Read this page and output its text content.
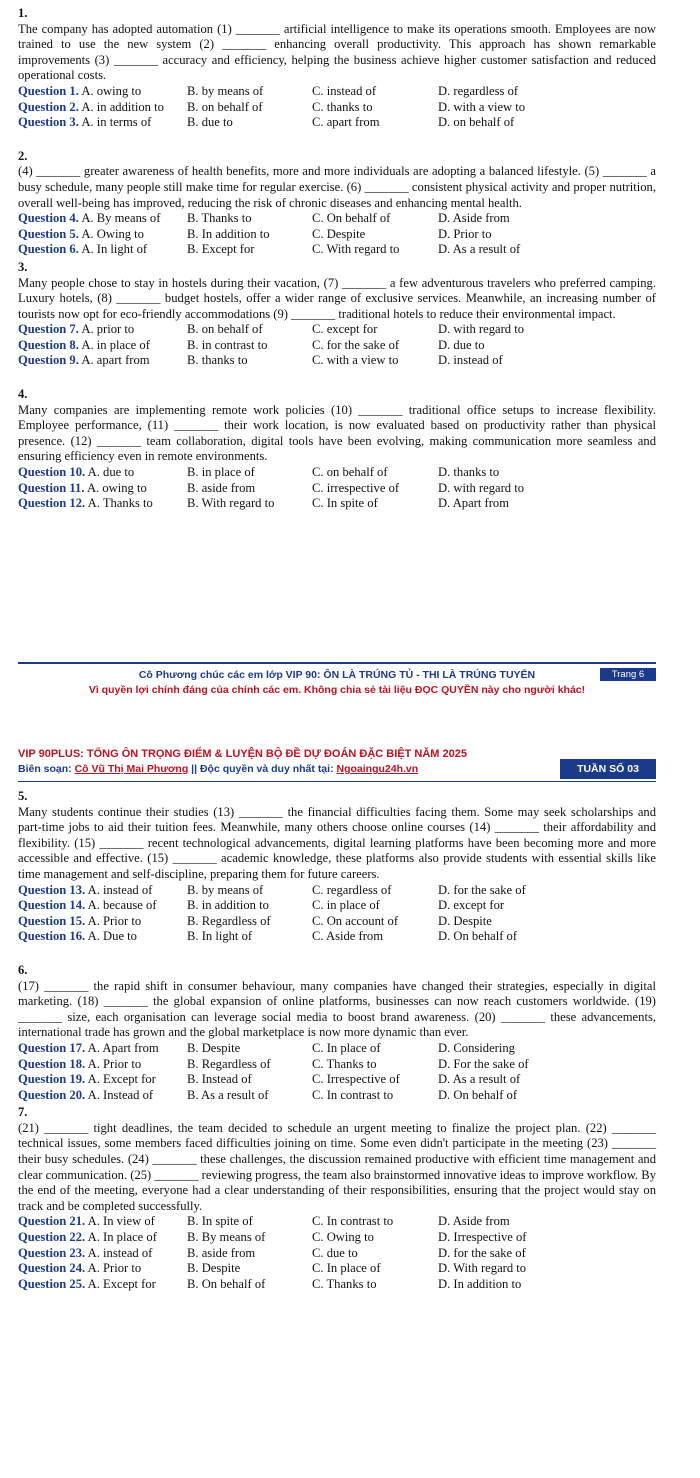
1.
The company has adopted automation (1) _______ artificial intelligence to make its operations smooth. Employees are now trained to use the new system (2) _______ enhancing overall productivity. This approach has shown remarkable improvements (3) _______ accuracy and efficiency, helping the business achieve higher customer satisfaction and reduced operational costs.
Question 1. A. owing to	B. by means of	C. instead of	D. regardless of
Question 2. A. in addition to	B. on behalf of	C. thanks to	D. with a view to
Question 3. A. in terms of	B. due to	C. apart from	D. on behalf of
2.
(4) _______ greater awareness of health benefits, more and more individuals are adopting a balanced lifestyle. (5) _______ a busy schedule, many people still make time for regular exercise. (6) _______ consistent physical activity and proper nutrition, overall well-being has improved, reducing the risk of chronic diseases and enhancing mental health.
Question 4. A. By means of	B. Thanks to	C. On behalf of	D. Aside from
Question 5. A. Owing to	B. In addition to	C. Despite	D. Prior to
Question 6. A. In light of	B. Except for	C. With regard to	D. As a result of
3.
Many people chose to stay in hostels during their vacation, (7) _______ a few adventurous travelers who preferred camping. Luxury hotels, (8) _______ budget hostels, offer a wider range of exclusive services. Meanwhile, an increasing number of tourists now opt for eco-friendly accommodations (9) _______ traditional hotels to reduce their environmental impact.
Question 7. A. prior to	B. on behalf of	C. except for	D. with regard to
Question 8. A. in place of	B. in contrast to	C. for the sake of	D. due to
Question 9. A. apart from	B. thanks to	C. with a view to	D. instead of
4.
Many companies are implementing remote work policies (10) _______ traditional office setups to increase flexibility. Employee performance, (11) _______ their work location, is now evaluated based on productivity rather than physical presence. (12) _______ team collaboration, digital tools have been evolving, making communication more seamless and ensuring efficiency even in remote environments.
Question 10. A. due to	B. in place of	C. on behalf of	D. thanks to
Question 11. A. owing to	B. aside from	C. irrespective of	D. with regard to
Question 12. A. Thanks to	B. With regard to	C. In spite of	D. Apart from
Cô Phương chúc các em lớp VIP 90: ÔN LÀ TRÚNG TỦ - THI LÀ TRÚNG TUYỂN	Trang 6
Vì quyền lợi chính đáng của chính các em. Không chia sẻ tài liệu ĐỌC QUYỀN này cho người khác!
VIP 90PLUS: TỔNG ÔN TRỌNG ĐIỂM & LUYỆN BỘ ĐỀ DỰ ĐOÁN ĐẶC BIỆT NĂM 2025
Biên soạn: Cô Vũ Thị Mai Phương || Độc quyền và duy nhất tại: Ngoaingu24h.vn	TUẦN SỐ 03
5.
Many students continue their studies (13) _______ the financial difficulties facing them. Some may seek scholarships and part-time jobs to aid their tuition fees. Meanwhile, many others choose online courses (14) _______ their affordability and flexibility. (15) _______ recent technological advancements, digital learning platforms have been becoming more and more accessible and effective. (15) _______ academic knowledge, these platforms also provide students with essential skills like time management and self-discipline, preparing them for future careers.
Question 13. A. instead of	B. by means of	C. regardless of	D. for the sake of
Question 14. A. because of	B. in addition to	C. in place of	D. except for
Question 15. A. Prior to	B. Regardless of	C. On account of	D. Despite
Question 16. A. Due to	B. In light of	C. Aside from	D. On behalf of
6.
(17) _______ the rapid shift in consumer behaviour, many companies have changed their strategies, especially in digital marketing. (18) _______ the global expansion of online platforms, businesses can now reach customers worldwide. (19) _______ size, each organisation can leverage social media to boost brand awareness. (20) _______ these advancements, international trade has grown and the global marketplace is now more dynamic than ever.
Question 17. A. Apart from	B. Despite	C. In place of	D. Considering
Question 18. A. Prior to	B. Regardless of	C. Thanks to	D. For the sake of
Question 19. A. Except for	B. Instead of	C. Irrespective of	D. As a result of
Question 20. A. Instead of	B. As a result of	C. In contrast to	D. On behalf of
7.
(21) _______ tight deadlines, the team decided to schedule an urgent meeting to finalize the project plan. (22) _______ technical issues, some members faced difficulties joining on time. Some even didn't participate in the meeting (23) _______ their busy schedules. (24) _______ these challenges, the discussion remained productive with efficient time management and clear communication. (25) _______ reviewing progress, the team also brainstormed innovative ideas to improve workflow. By the end of the meeting, everyone had a clear understanding of their responsibilities, ensuring that the project would stay on track and be completed successfully.
Question 21. A. In view of	B. In spite of	C. In contrast to	D. Aside from
Question 22. A. In place of	B. By means of	C. Owing to	D. Irrespective of
Question 23. A. instead of	B. aside from	C. due to	D. for the sake of
Question 24. A. Prior to	B. Despite	C. In place of	D. With regard to
Question 25. A. Except for	B. On behalf of	C. Thanks to	D. In addition to
